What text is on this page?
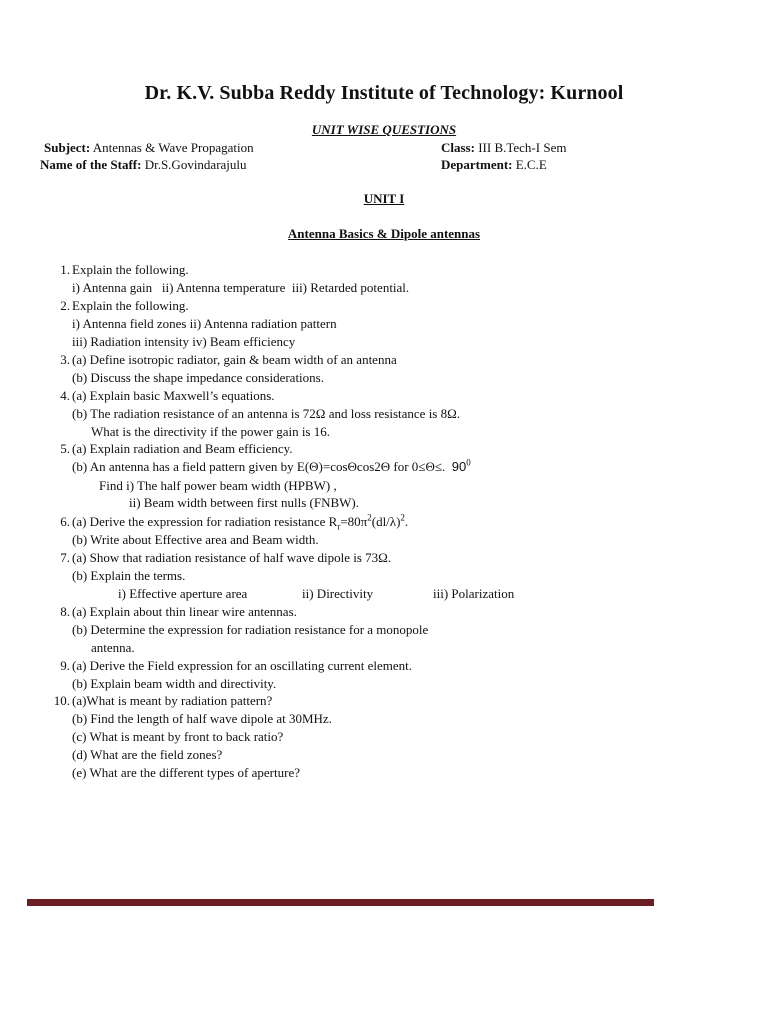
Dr. K.V. Subba Reddy Institute of Technology: Kurnool
UNIT WISE QUESTIONS
Subject: Antennas & Wave Propagation
Name of the Staff: Dr.S.Govindarajulu
Class: III B.Tech-I Sem
Department: E.C.E
UNIT I
Antenna Basics & Dipole antennas
1. Explain the following.
i) Antenna gain   ii) Antenna temperature  iii) Retarded potential.
2. Explain the following.
i) Antenna field zones ii) Antenna radiation pattern
iii) Radiation intensity iv) Beam efficiency
3. (a) Define isotropic radiator, gain & beam width of an antenna
(b) Discuss the shape impedance considerations.
4. (a) Explain basic Maxwell’s equations.
(b) The radiation resistance of an antenna is 72Ω and loss resistance is 8Ω.
What is the directivity if the power gain is 16.
5. (a) Explain radiation and Beam efficiency.
(b) An antenna has a field pattern given by E(Θ)=cosΘcos2Θ for 0≤Θ≤. $90^0$
Find i) The half power beam width (HPBW) ,
ii) Beam width between first nulls (FNBW).
6. (a) Derive the expression for radiation resistance $R_r=80\pi^2(dl/\lambda)^2$.
(b) Write about Effective area and Beam width.
7. (a) Show that radiation resistance of half wave dipole is 73Ω.
(b) Explain the terms.
i) Effective aperture area	ii) Directivity	iii) Polarization
8. (a) Explain about thin linear wire antennas.
(b) Determine the expression for radiation resistance for a monopole
antenna.
9. (a) Derive the Field expression for an oscillating current element.
(b) Explain beam width and directivity.
10. (a)What is meant by radiation pattern?
(b) Find the length of half wave dipole at 30MHz.
(c) What is meant by front to back ratio?
(d) What are the field zones?
(e) What are the different types of aperture?
